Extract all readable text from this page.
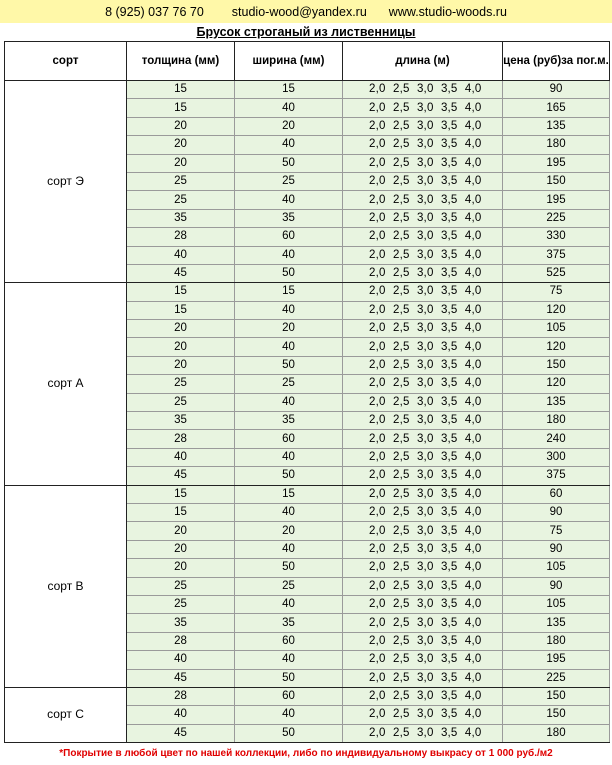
8 (925) 037 76 70 studio-wood@yandex.ru www.studio-woods.ru
Брусок строганый из лиственницы
сорт	толщина (мм)	ширина (мм)	длина (м)	цена (руб)за пог.м.
сорт Э	15	15	2,0 2,5 3,0 3,5 4,0	90
	15	40	2,0 2,5 3,0 3,5 4,0	165
	20	20	2,0 2,5 3,0 3,5 4,0	135
	20	40	2,0 2,5 3,0 3,5 4,0	180
	20	50	2,0 2,5 3,0 3,5 4,0	195
	25	25	2,0 2,5 3,0 3,5 4,0	150
	25	40	2,0 2,5 3,0 3,5 4,0	195
	35	35	2,0 2,5 3,0 3,5 4,0	225
	28	60	2,0 2,5 3,0 3,5 4,0	330
	40	40	2,0 2,5 3,0 3,5 4,0	375
	45	50	2,0 2,5 3,0 3,5 4,0	525
сорт А	15	15	2,0 2,5 3,0 3,5 4,0	75
	15	40	2,0 2,5 3,0 3,5 4,0	120
	20	20	2,0 2,5 3,0 3,5 4,0	105
	20	40	2,0 2,5 3,0 3,5 4,0	120
	20	50	2,0 2,5 3,0 3,5 4,0	150
	25	25	2,0 2,5 3,0 3,5 4,0	120
	25	40	2,0 2,5 3,0 3,5 4,0	135
	35	35	2,0 2,5 3,0 3,5 4,0	180
	28	60	2,0 2,5 3,0 3,5 4,0	240
	40	40	2,0 2,5 3,0 3,5 4,0	300
	45	50	2,0 2,5 3,0 3,5 4,0	375
сорт В	15	15	2,0 2,5 3,0 3,5 4,0	60
	15	40	2,0 2,5 3,0 3,5 4,0	90
	20	20	2,0 2,5 3,0 3,5 4,0	75
	20	40	2,0 2,5 3,0 3,5 4,0	90
	20	50	2,0 2,5 3,0 3,5 4,0	105
	25	25	2,0 2,5 3,0 3,5 4,0	90
	25	40	2,0 2,5 3,0 3,5 4,0	105
	35	35	2,0 2,5 3,0 3,5 4,0	135
	28	60	2,0 2,5 3,0 3,5 4,0	180
	40	40	2,0 2,5 3,0 3,5 4,0	195
	45	50	2,0 2,5 3,0 3,5 4,0	225
сорт С	28	60	2,0 2,5 3,0 3,5 4,0	150
	40	40	2,0 2,5 3,0 3,5 4,0	150
	45	50	2,0 2,5 3,0 3,5 4,0	180
*Покрытие в любой цвет по нашей коллекции, либо по индивидуальному выкрасу от 1 000 руб./м2
